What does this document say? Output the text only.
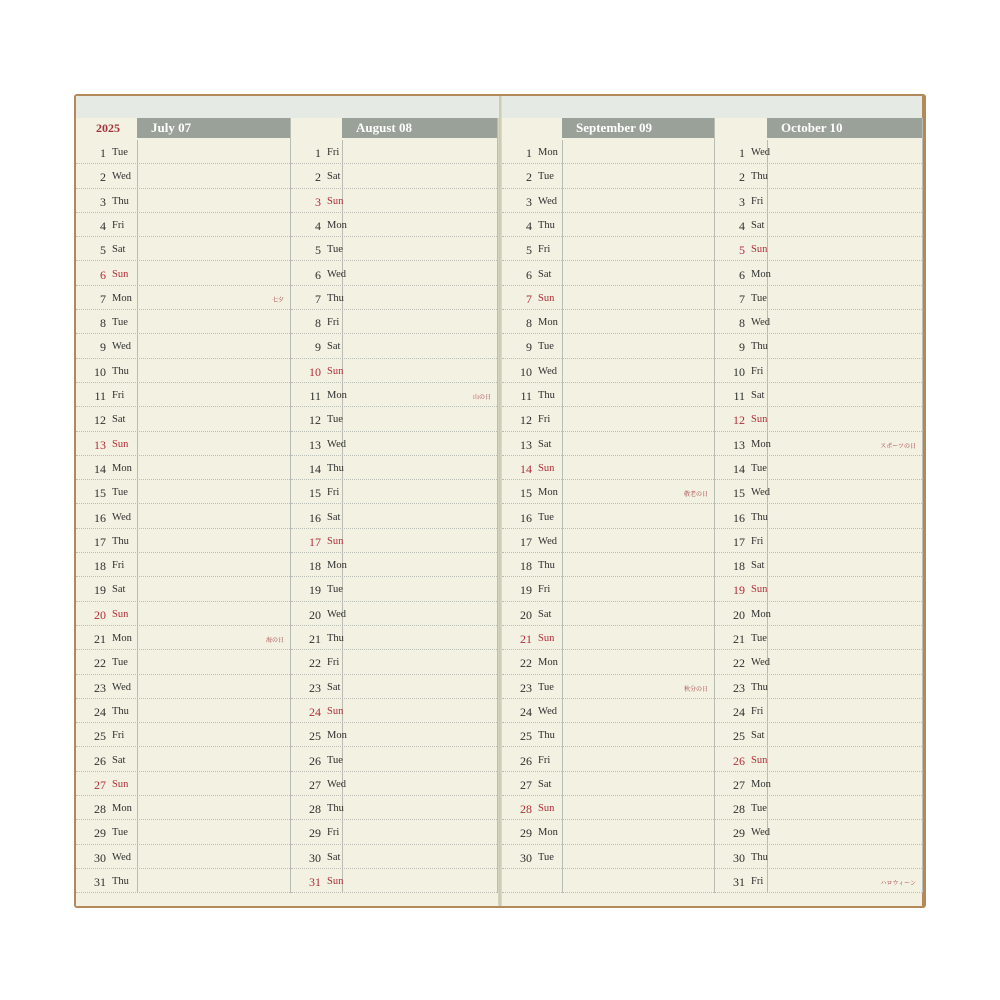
2025	July 07
1 Tue
2 Wed
3 Thu
4 Fri
5 Sat
6 Sun
7 Mon	七夕
8 Tue
9 Wed
10 Thu
11 Fri
12 Sat
13 Sun
14 Mon
15 Tue
16 Wed
17 Thu
18 Fri
19 Sat
20 Sun
21 Mon	海の日
22 Tue
23 Wed
24 Thu
25 Fri
26 Sat
27 Sun
28 Mon
29 Tue
30 Wed
31 Thu
August 08
1 Fri
2 Sat
3 Sun
4 Mon
5 Tue
6 Wed
7 Thu
8 Fri
9 Sat
10 Sun
11 Mon	山の日
12 Tue
13 Wed
14 Thu
15 Fri
16 Sat
17 Sun
18 Mon
19 Tue
20 Wed
21 Thu
22 Fri
23 Sat
24 Sun
25 Mon
26 Tue
27 Wed
28 Thu
29 Fri
30 Sat
31 Sun
September 09
1 Mon
2 Tue
3 Wed
4 Thu
5 Fri
6 Sat
7 Sun
8 Mon
9 Tue
10 Wed
11 Thu
12 Fri
13 Sat
14 Sun
15 Mon	敬老の日
16 Tue
17 Wed
18 Thu
19 Fri
20 Sat
21 Sun
22 Mon
23 Tue	秋分の日
24 Wed
25 Thu
26 Fri
27 Sat
28 Sun
29 Mon
30 Tue
October 10
1 Wed
2 Thu
3 Fri
4 Sat
5 Sun
6 Mon
7 Tue
8 Wed
9 Thu
10 Fri
11 Sat
12 Sun
13 Mon	スポーツの日
14 Tue
15 Wed
16 Thu
17 Fri
18 Sat
19 Sun
20 Mon
21 Tue
22 Wed
23 Thu
24 Fri
25 Sat
26 Sun
27 Mon
28 Tue
29 Wed
30 Thu
31 Fri	ハロウィーン
